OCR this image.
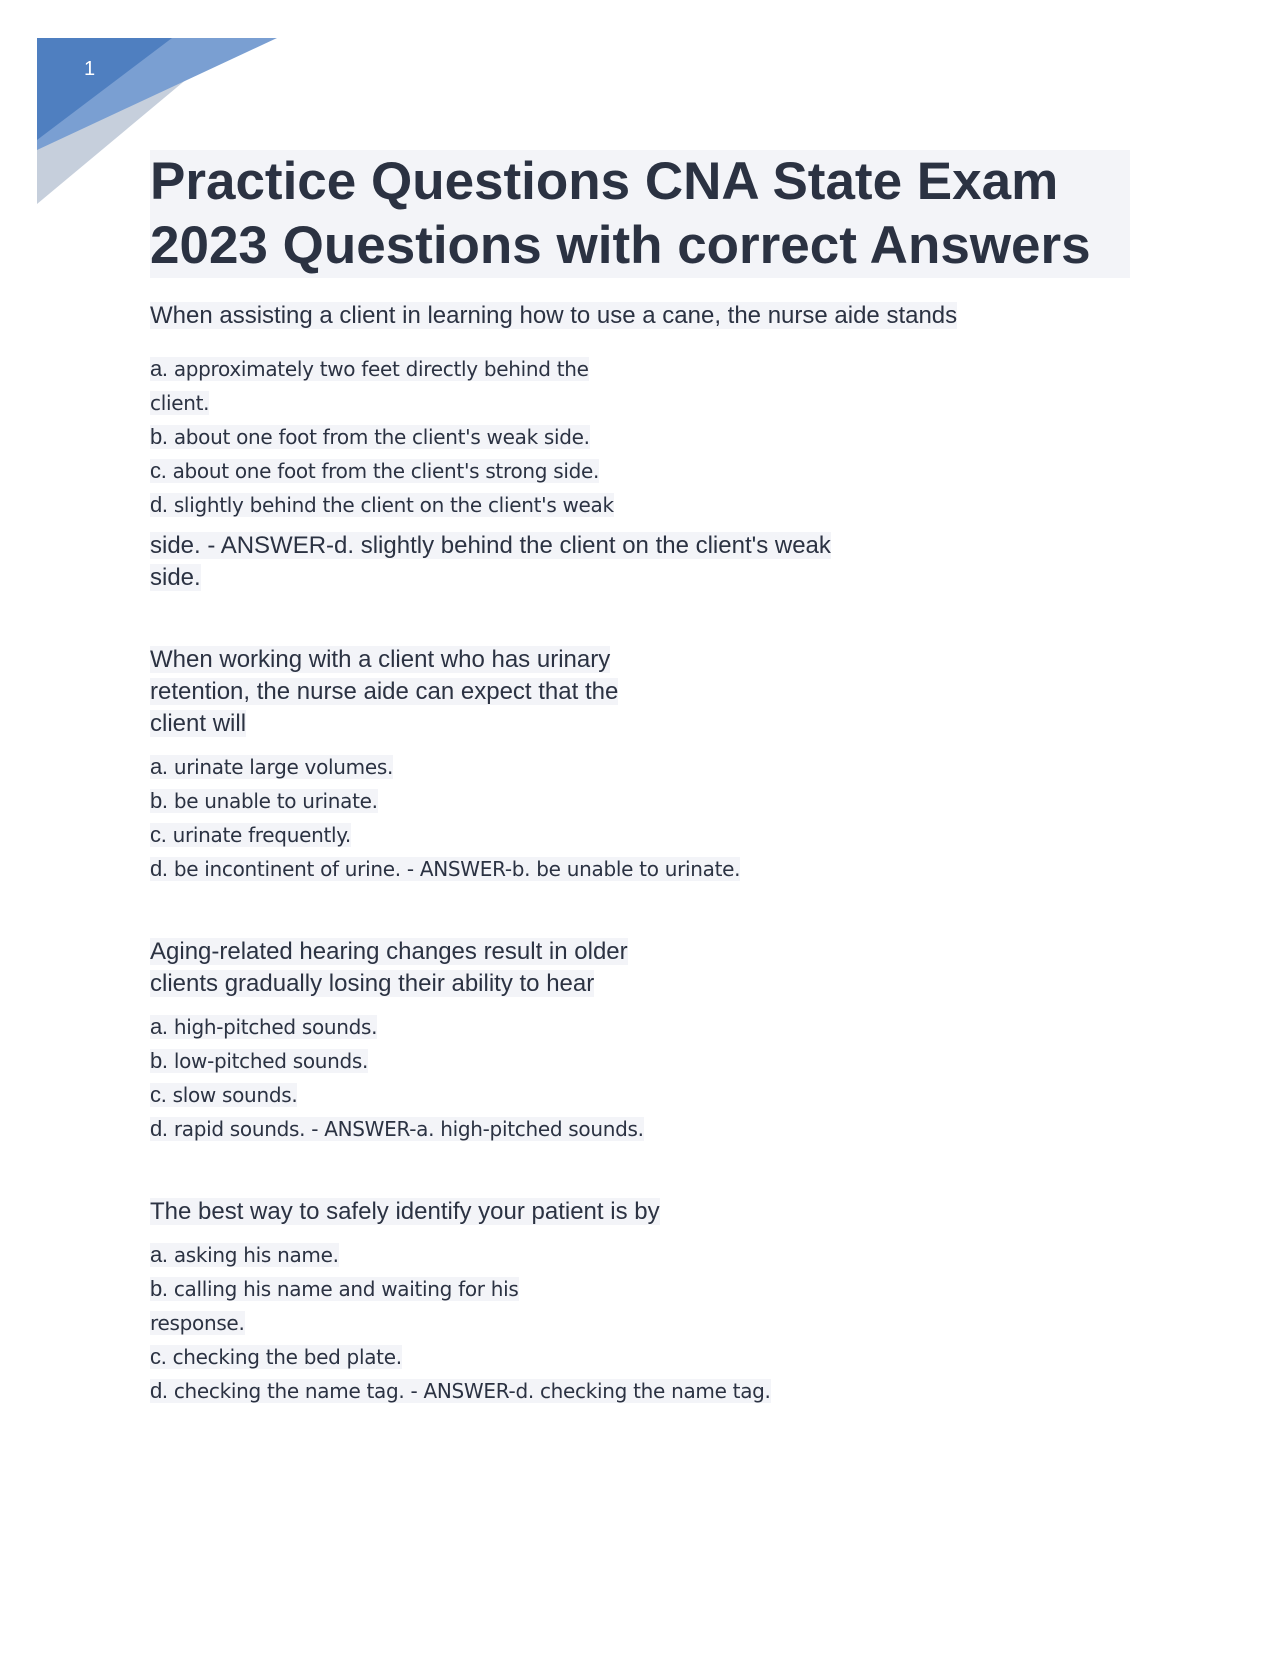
1
Practice Questions CNA State Exam
2023 Questions with correct Answers

When assisting a client in learning how to use a cane, the nurse aide stands

a. approximately two feet directly behind the

client.

b. about one foot from the client's weak side.

c. about one foot from the client's strong side.

d. slightly behind the client on the client's weak

side. - ANSWER-d. slightly behind the client on the client's weak

side.

When working with a client who has urinary
retention, the nurse aide can expect that the
client will

a. urinate large volumes.

b. be unable to urinate.

c. urinate frequently.

d. be incontinent of urine. - ANSWER-b. be unable to urinate.

Aging-related hearing changes result in older
clients gradually losing their ability to hear

a. high-pitched sounds.

b. low-pitched sounds.

c. slow sounds.

d. rapid sounds. - ANSWER-a. high-pitched sounds.

The best way to safely identify your patient is by

a. asking his name.

b. calling his name and waiting for his

response.

c. checking the bed plate.

d. checking the name tag. - ANSWER-d. checking the name tag.
